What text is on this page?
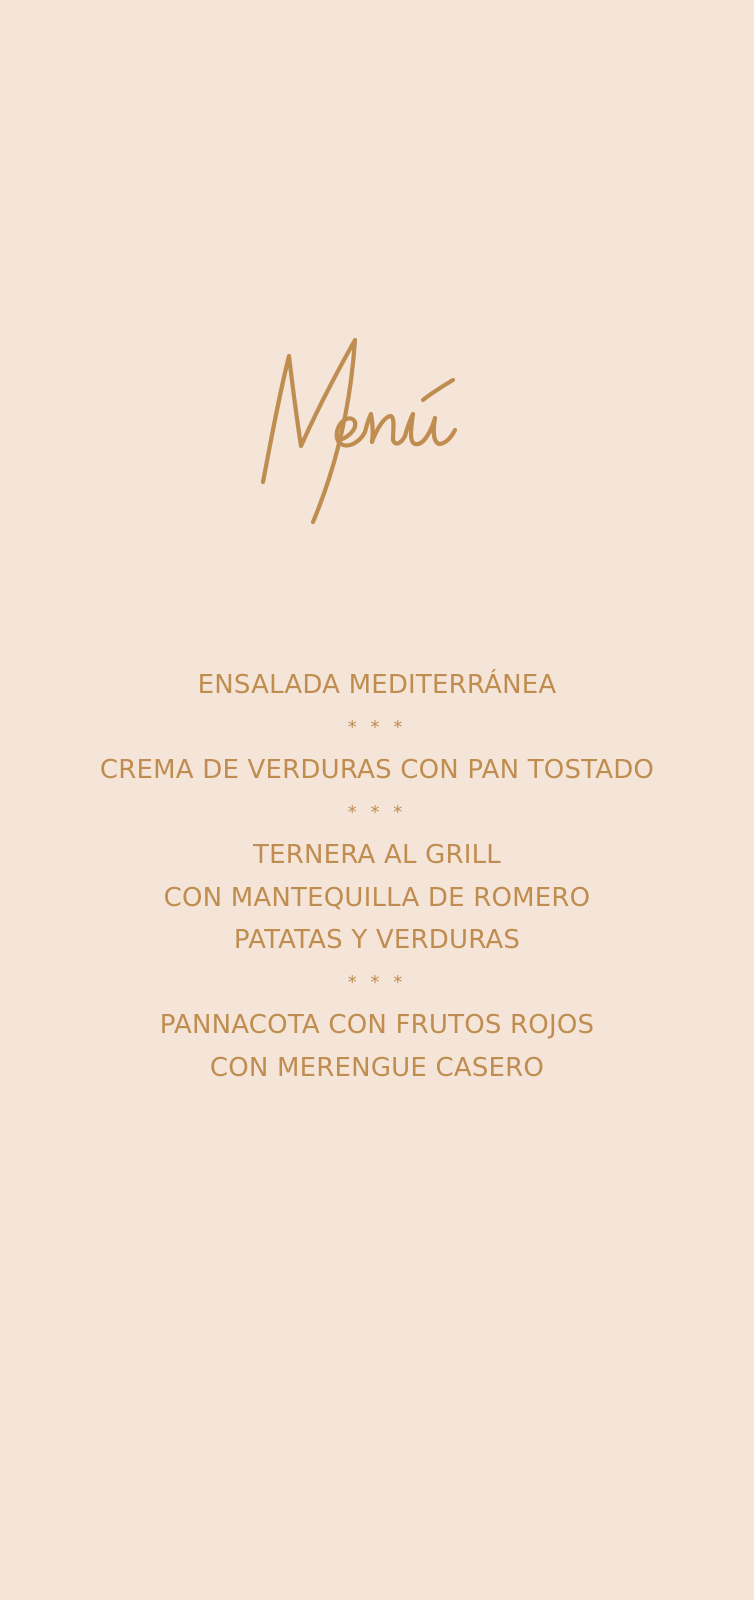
ENSALADA MEDITERRÁNEA
* * *
CREMA DE VERDURAS CON PAN TOSTADO
* * *
TERNERA AL GRILL
CON MANTEQUILLA DE ROMERO
PATATAS Y VERDURAS
* * *
PANNACOTA CON FRUTOS ROJOS
CON MERENGUE CASERO
